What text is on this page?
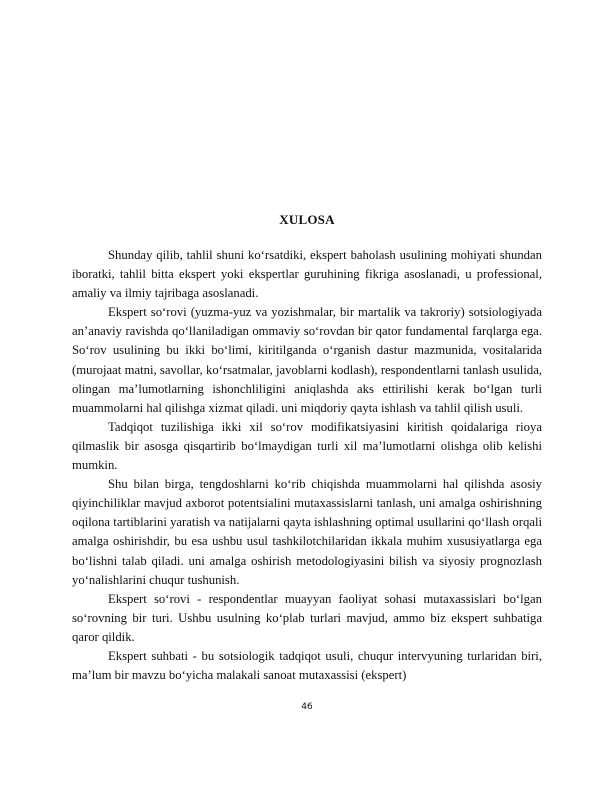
XULOSA

Shunday qilib, tahlil shuni ko‘rsatdiki, ekspert baholash usulining mohiyati shundan iboratki, tahlil bitta ekspert yoki ekspertlar guruhining fikriga asoslanadi, u professional, amaliy va ilmiy tajribaga asoslanadi.

Ekspert so‘rovi (yuzma-yuz va yozishmalar, bir martalik va takroriy) sotsiologiyada an’anaviy ravishda qo‘llaniladigan ommaviy so‘rovdan bir qator fundamental farqlarga ega. So‘rov usulining bu ikki bo‘limi, kiritilganda o‘rganish dastur mazmunida, vositalarida (murojaat matni, savollar, ko‘rsatmalar, javoblarni kodlash), respondentlarni tanlash usulida, olingan ma’lumotlarning ishonchliligini aniqlashda aks ettirilishi kerak bo‘lgan turli muammolarni hal qilishga xizmat qiladi. uni miqdoriy qayta ishlash va tahlil qilish usuli.

Tadqiqot tuzilishiga ikki xil so‘rov modifikatsiyasini kiritish qoidalariga rioya qilmaslik bir asosga qisqartirib bo‘lmaydigan turli xil ma’lumotlarni olishga olib kelishi mumkin.

Shu bilan birga, tengdoshlarni ko‘rib chiqishda muammolarni hal qilishda asosiy qiyinchiliklar mavjud axborot potentsialini mutaxassislarni tanlash, uni amalga oshirishning oqilona tartiblarini yaratish va natijalarni qayta ishlashning optimal usullarini qo‘llash orqali amalga oshirishdir, bu esa ushbu usul tashkilotchilaridan ikkala muhim xususiyatlarga ega bo‘lishni talab qiladi. uni amalga oshirish metodologiyasini bilish va siyosiy prognozlash yo‘nalishlarini chuqur tushunish.

Ekspert so‘rovi - respondentlar muayyan faoliyat sohasi mutaxassislari bo‘lgan so‘rovning bir turi. Ushbu usulning ko‘plab turlari mavjud, ammo biz ekspert suhbatiga qaror qildik.

Ekspert suhbati - bu sotsiologik tadqiqot usuli, chuqur intervyuning turlaridan biri, ma’lum bir mavzu bo‘yicha malakali sanoat mutaxassisi (ekspert)

46
